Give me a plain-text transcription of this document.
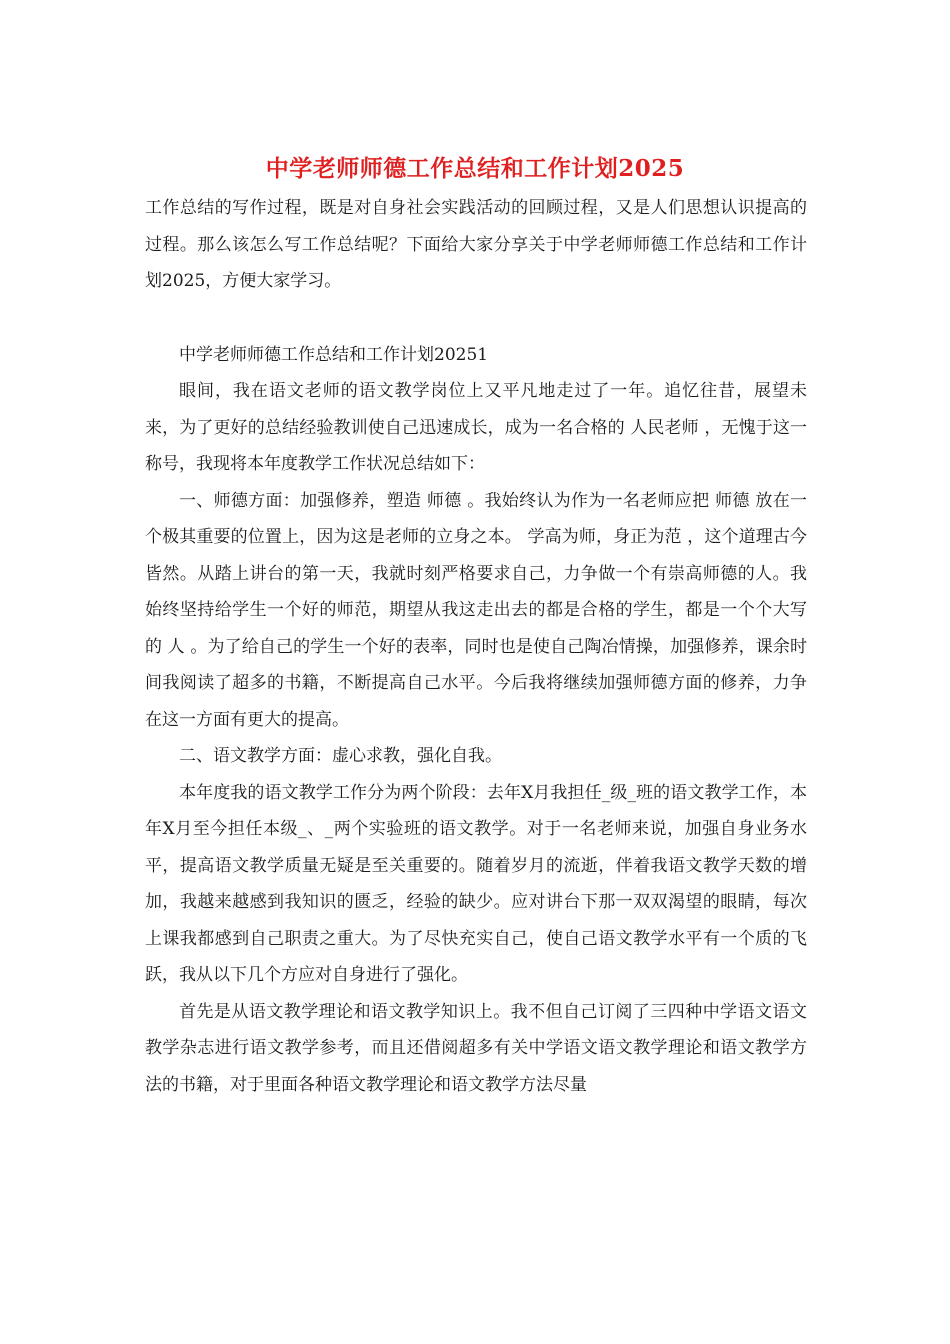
中学老师师德工作总结和工作计划2025

工作总结的写作过程，既是对自身社会实践活动的回顾过程，又是人们思想认识提高的过程。那么该怎么写工作总结呢？下面给大家分享关于中学老师师德工作总结和工作计划2025，方便大家学习。

中学老师师德工作总结和工作计划20251

眼间，我在语文老师的语文教学岗位上又平凡地走过了一年。追忆往昔，展望未来，为了更好的总结经验教训使自己迅速成长，成为一名合格的 人民老师 ，无愧于这一称号，我现将本年度教学工作状况总结如下：

一、师德方面：加强修养，塑造 师德 。我始终认为作为一名老师应把 师德 放在一个极其重要的位置上，因为这是老师的立身之本。 学高为师，身正为范 ，这个道理古今皆然。从踏上讲台的第一天，我就时刻严格要求自己，力争做一个有崇高师德的人。我始终坚持给学生一个好的师范，期望从我这走出去的都是合格的学生，都是一个个大写的 人 。为了给自己的学生一个好的表率，同时也是使自己陶冶情操，加强修养，课余时间我阅读了超多的书籍，不断提高自己水平。今后我将继续加强师德方面的修养，力争在这一方面有更大的提高。

二、语文教学方面：虚心求教，强化自我。

本年度我的语文教学工作分为两个阶段：去年X月我担任_级_班的语文教学工作，本年X月至今担任本级_、_两个实验班的语文教学。对于一名老师来说，加强自身业务水平，提高语文教学质量无疑是至关重要的。随着岁月的流逝，伴着我语文教学天数的增加，我越来越感到我知识的匮乏，经验的缺少。应对讲台下那一双双渴望的眼睛，每次上课我都感到自己职责之重大。为了尽快充实自己，使自己语文教学水平有一个质的飞跃，我从以下几个方应对自身进行了强化。

首先是从语文教学理论和语文教学知识上。我不但自己订阅了三四种中学语文语文教学杂志进行语文教学参考，而且还借阅超多有关中学语文语文教学理论和语文教学方法的书籍，对于里面各种语文教学理论和语文教学方法尽量
